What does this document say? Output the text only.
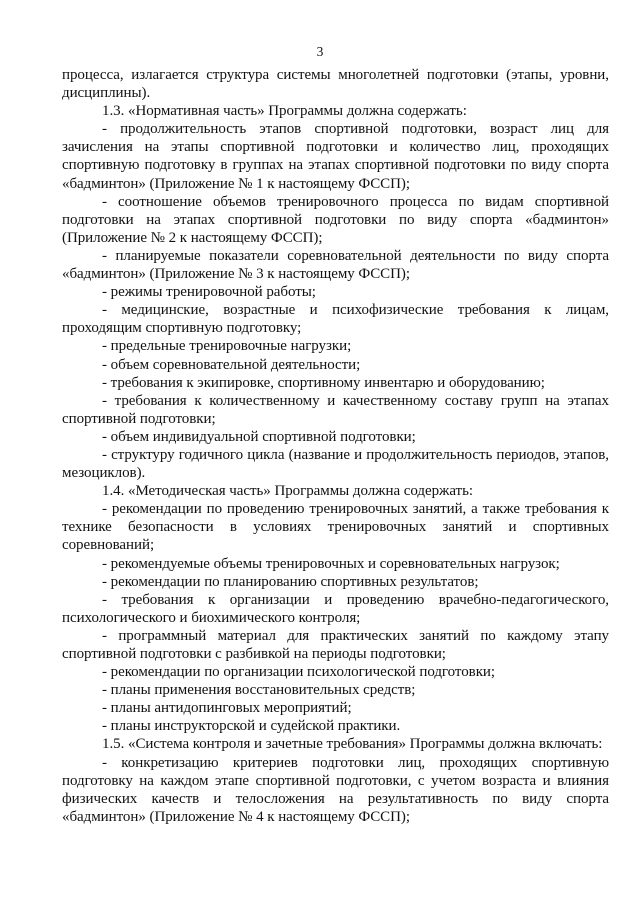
3

процесса, излагается структура системы многолетней подготовки (этапы, уровни, дисциплины).

1.3. «Нормативная часть» Программы должна содержать:

- продолжительность этапов спортивной подготовки, возраст лиц для зачисления на этапы спортивной подготовки и количество лиц, проходящих спортивную подготовку в группах на этапах спортивной подготовки по виду спорта «бадминтон» (Приложение № 1 к настоящему ФССП);

- соотношение объемов тренировочного процесса по видам спортивной подготовки на этапах спортивной подготовки по виду спорта «бадминтон» (Приложение № 2 к настоящему ФССП);

- планируемые показатели соревновательной деятельности по виду спорта «бадминтон» (Приложение № 3 к настоящему ФССП);

- режимы тренировочной работы;

- медицинские, возрастные и психофизические требования к лицам, проходящим спортивную подготовку;

- предельные тренировочные нагрузки;

- объем соревновательной деятельности;

- требования к экипировке, спортивному инвентарю и оборудованию;

- требования к количественному и качественному составу групп на этапах спортивной подготовки;

- объем индивидуальной спортивной подготовки;

- структуру годичного цикла (название и продолжительность периодов, этапов, мезоциклов).

1.4. «Методическая часть» Программы должна содержать:

- рекомендации по проведению тренировочных занятий, а также требования к технике безопасности в условиях тренировочных занятий и спортивных соревнований;

- рекомендуемые объемы тренировочных и соревновательных нагрузок;

- рекомендации по планированию спортивных результатов;

- требования к организации и проведению врачебно-педагогического, психологического и биохимического контроля;

- программный материал для практических занятий по каждому этапу спортивной подготовки с разбивкой на периоды подготовки;

- рекомендации по организации психологической подготовки;

- планы применения восстановительных средств;

- планы антидопинговых мероприятий;

- планы инструкторской и судейской практики.

1.5. «Система контроля и зачетные требования» Программы должна включать:

- конкретизацию критериев подготовки лиц, проходящих спортивную подготовку на каждом этапе спортивной подготовки, с учетом возраста и влияния физических качеств и телосложения на результативность по виду спорта «бадминтон» (Приложение № 4 к настоящему ФССП);
